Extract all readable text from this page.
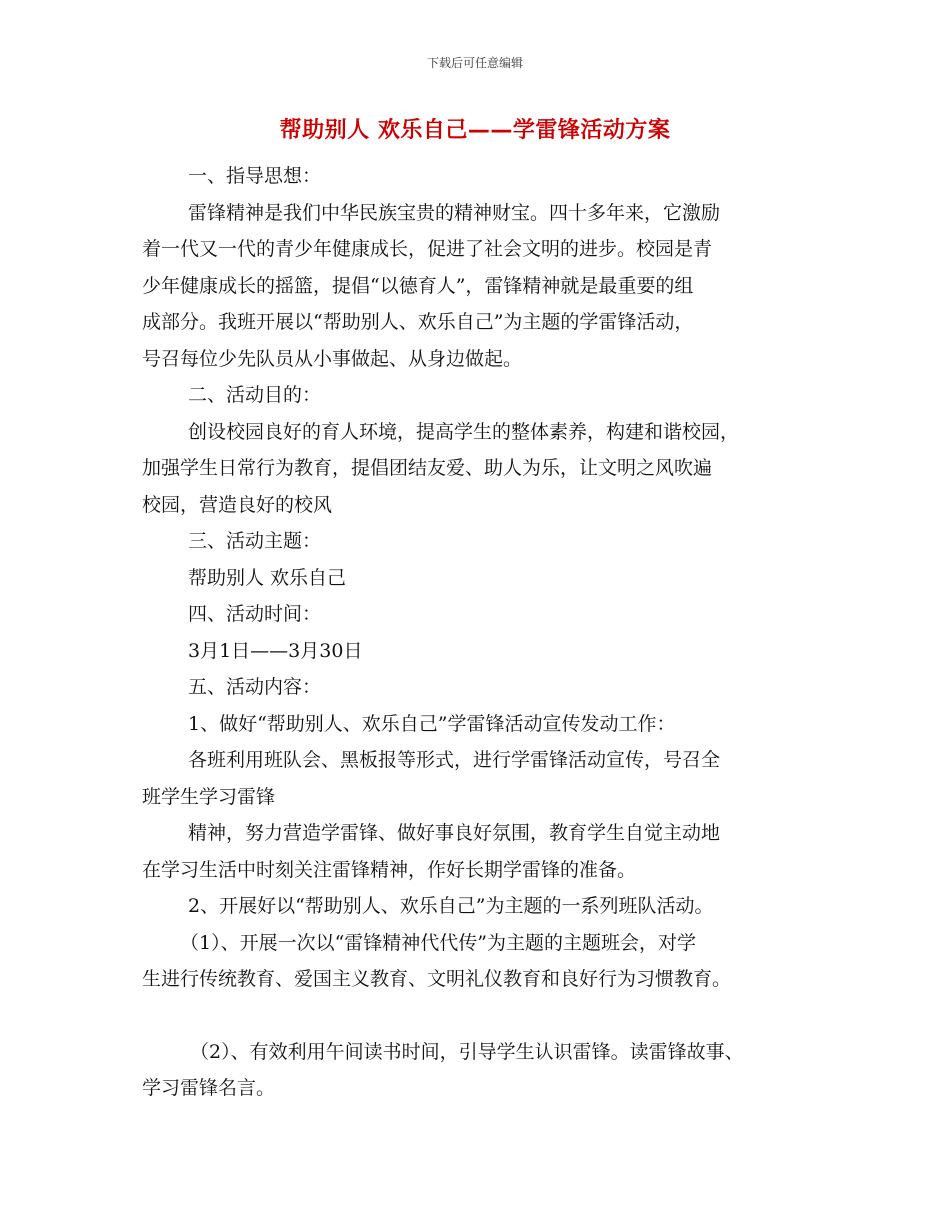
下载后可任意编辑
帮助别人 欢乐自己——学雷锋活动方案

一、指导思想：

雷锋精神是我们中华民族宝贵的精神财宝。四十多年来，它激励

着一代又一代的青少年健康成长，促进了社会文明的进步。校园是青

少年健康成长的摇篮，提倡“以德育人”，雷锋精神就是最重要的组

成部分。我班开展以“帮助别人、欢乐自己”为主题的学雷锋活动，

号召每位少先队员从小事做起、从身边做起。

二、活动目的：

创设校园良好的育人环境，提高学生的整体素养，构建和谐校园，

加强学生日常行为教育，提倡团结友爱、助人为乐，让文明之风吹遍

校园，营造良好的校风

三、活动主题：

帮助别人 欢乐自己

四、活动时间：

3月1日——3月30日

五、活动内容：

1、做好“帮助别人、欢乐自己”学雷锋活动宣传发动工作：

各班利用班队会、黑板报等形式，进行学雷锋活动宣传，号召全

班学生学习雷锋

精神，努力营造学雷锋、做好事良好氛围，教育学生自觉主动地

在学习生活中时刻关注雷锋精神，作好长期学雷锋的准备。

2、开展好以“帮助别人、欢乐自己”为主题的一系列班队活动。

（1）、开展一次以“雷锋精神代代传”为主题的主题班会，对学

生进行传统教育、爱国主义教育、文明礼仪教育和良好行为习惯教育。

（2）、有效利用午间读书时间，引导学生认识雷锋。读雷锋故事、

学习雷锋名言。
